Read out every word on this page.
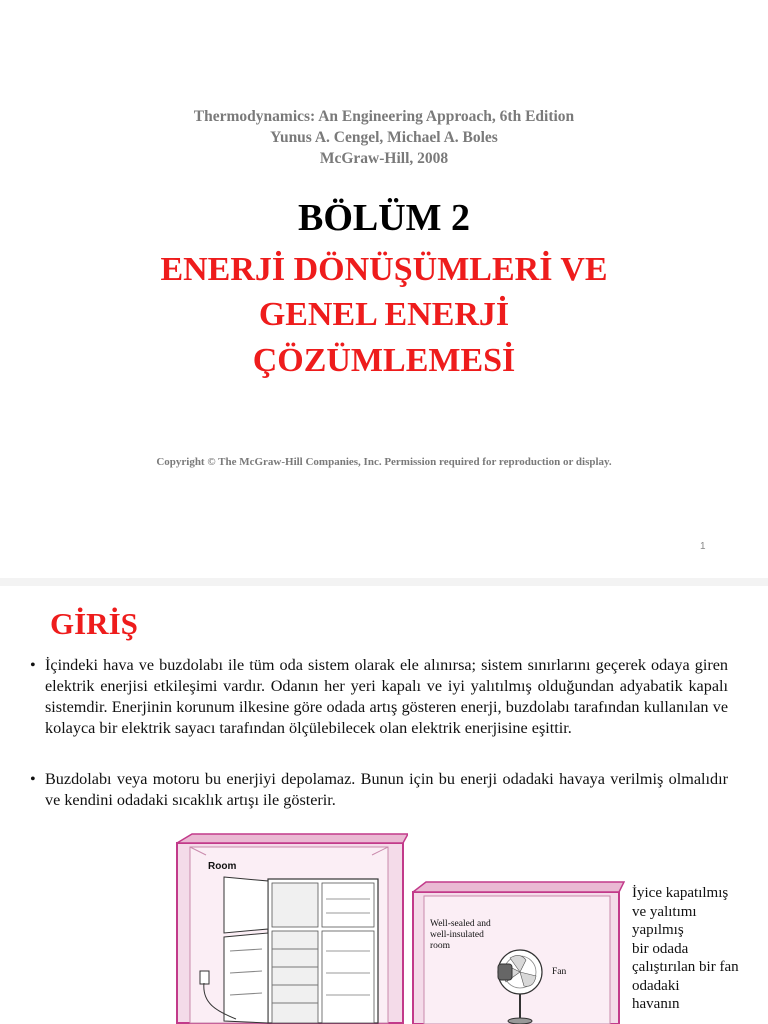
Thermodynamics: An Engineering Approach, 6th Edition
Yunus A. Cengel, Michael A. Boles
McGraw-Hill, 2008
BÖLÜM 2
ENERJİ DÖNÜŞÜMLERİ VE
GENEL ENERJİ
ÇÖZÜMLEMESİ
Copyright © The McGraw-Hill Companies, Inc. Permission required for reproduction or display.
1
GİRİŞ
• İçindeki hava ve buzdolabı ile tüm oda sistem olarak ele alınırsa; sistem sınırlarını geçerek odaya giren elektrik enerjisi etkileşimi vardır. Odanın her yeri kapalı ve iyi yalıtılmış olduğundan adyabatik kapalı sistemdir. Enerjinin korunum ilkesine göre odada artış gösteren enerji, buzdolabı tarafından kullanılan ve kolayca bir elektrik sayacı tarafından ölçülebilecek olan elektrik enerjisine eşittir.
• Buzdolabı veya motoru bu enerjiyi depolamaz. Bunun için bu enerji odadaki havaya verilmiş olmalıdır ve kendini odadaki sıcaklık artışı ile gösterir.
Room
Well-sealed and
well-insulated
room
Fan
İyice kapatılmış
ve yalıtımı
yapılmış
bir odada
çalıştırılan bir fan
odadaki
havanın
